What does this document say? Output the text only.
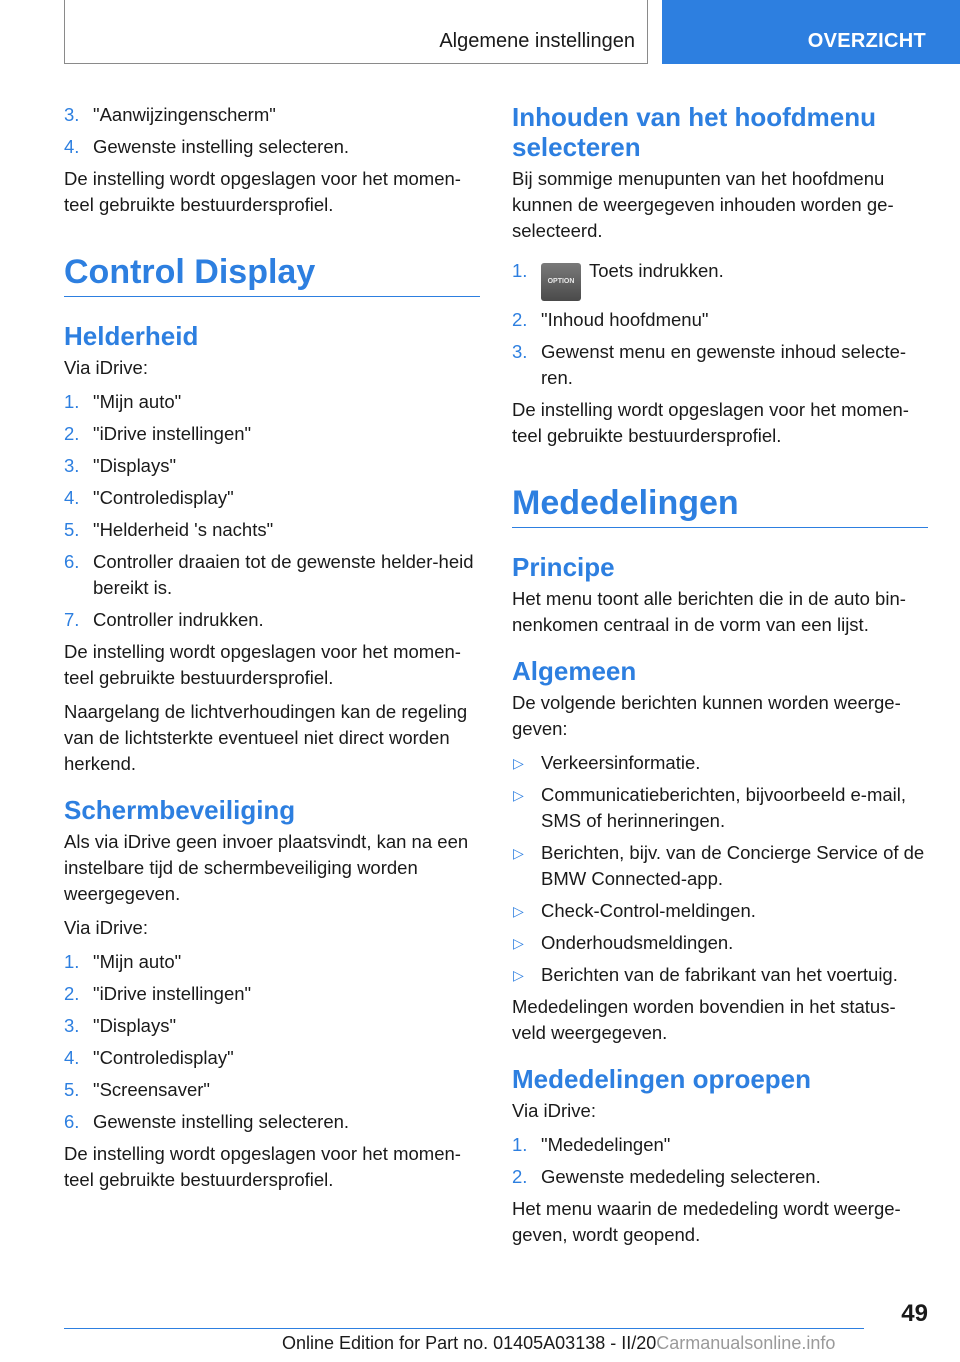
Algemene instellingen	OVERZICHT
3. "Aanwijzingenscherm"
4. Gewenste instelling selecteren.

De instelling wordt opgeslagen voor het momen-teel gebruikte bestuurdersprofiel.

Control Display
Helderheid

Via iDrive:

1. "Mijn auto"
2. "iDrive instellingen"
3. "Displays"
4. "Controledisplay"
5. "Helderheid 's nachts"
6. Controller draaien tot de gewenste helder-heid bereikt is.
7. Controller indrukken.

De instelling wordt opgeslagen voor het momen-teel gebruikte bestuurdersprofiel.

Naargelang de lichtverhoudingen kan de regeling van de lichtsterkte eventueel niet direct worden herkend.

Schermbeveiliging

Als via iDrive geen invoer plaatsvindt, kan na een instelbare tijd de schermbeveiliging worden weergegeven.

Via iDrive:

1. "Mijn auto"
2. "iDrive instellingen"
3. "Displays"
4. "Controledisplay"
5. "Screensaver"
6. Gewenste instelling selecteren.

De instelling wordt opgeslagen voor het momen-teel gebruikte bestuurdersprofiel.

Inhouden van het hoofdmenu selecteren

Bij sommige menupunten van het hoofdmenu kunnen de weergegeven inhouden worden ge-selecteerd.

1.
OPTIONToets indrukken.
2. "Inhoud hoofdmenu"
3. Gewenst menu en gewenste inhoud selecte-ren.

De instelling wordt opgeslagen voor het momen-teel gebruikte bestuurdersprofiel.

Mededelingen
Principe

Het menu toont alle berichten die in de auto bin-nenkomen centraal in de vorm van een lijst.

Algemeen

De volgende berichten kunnen worden weerge-geven:

▷ Verkeersinformatie.
▷ Communicatieberichten, bijvoorbeeld e-mail, SMS of herinneringen.
▷ Berichten, bijv. van de Concierge Service of de BMW Connected-app.
▷ Check-Control-meldingen.
▷ Onderhoudsmeldingen.
▷ Berichten van de fabrikant van het voertuig.

Mededelingen worden bovendien in het status-veld weergegeven.

Mededelingen oproepen

Via iDrive:

1. "Mededelingen"
2. Gewenste mededeling selecteren.

Het menu waarin de mededeling wordt weerge-geven, wordt geopend.

49
Online Edition for Part no. 01405A03138 - II/20Carmanualsonline.info
